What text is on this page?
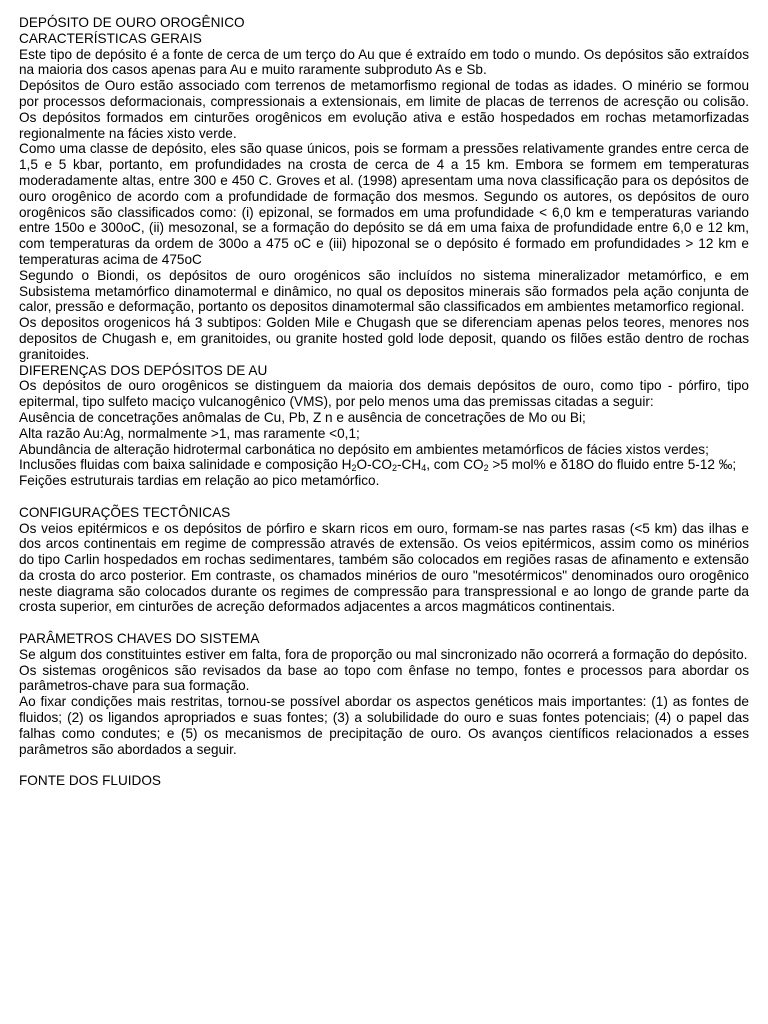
DEPÓSITO DE OURO OROGÊNICO

CARACTERÍSTICAS GERAIS

Este tipo de depósito é a fonte de cerca de um terço do Au que é extraído em todo o mundo. Os depósitos são extraídos na maioria dos casos apenas para Au e muito raramente subproduto As e Sb.

Depósitos de Ouro estão associado com terrenos de metamorfismo regional de todas as idades. O minério se formou por processos deformacionais, compressionais a extensionais, em limite de placas de terrenos de acresção ou colisão. Os depósitos formados em cinturões orogênicos em evolução ativa e estão hospedados em rochas metamorfizadas regionalmente na fácies xisto verde.

Como uma classe de depósito, eles são quase únicos, pois se formam a pressões relativamente grandes entre cerca de 1,5 e 5 kbar, portanto, em profundidades na crosta de cerca de 4 a 15 km. Embora se formem em temperaturas moderadamente altas, entre 300 e 450 C. Groves et al. (1998) apresentam uma nova classificação para os depósitos de ouro orogênico de acordo com a profundidade de formação dos mesmos. Segundo os autores, os depósitos de ouro orogênicos são classificados como: (i) epizonal, se formados em uma profundidade < 6,0 km e temperaturas variando entre 150o e 300oC, (ii) mesozonal, se a formação do depósito se dá em uma faixa de profundidade entre 6,0 e 12 km, com temperaturas da ordem de 300o a 475 oC e (iii) hipozonal se o depósito é formado em profundidades > 12 km e temperaturas acima de 475oC

Segundo o Biondi, os depósitos de ouro orogénicos são incluídos no sistema mineralizador metamórfico, e em Subsistema metamórfico dinamotermal e dinâmico, no qual os depositos minerais são formados pela ação conjunta de calor, pressão e deformação, portanto os depositos dinamotermal são classificados em ambientes metamorfico regional.

Os depositos orogenicos há 3 subtipos: Golden Mile e Chugash que se diferenciam apenas pelos teores, menores nos depositos de Chugash e, em granitoides, ou granite hosted gold lode deposit, quando os filões estão dentro de rochas granitoides.

DIFERENÇAS DOS DEPÓSITOS DE AU

Os depósitos de ouro orogênicos se distinguem da maioria dos demais depósitos de ouro, como tipo - pórfiro, tipo epitermal, tipo sulfeto maciço vulcanogênico (VMS), por pelo menos uma das premissas citadas a seguir:

Ausência de concetrações anômalas de Cu, Pb, Z n e ausência de concetrações de Mo ou Bi;

Alta razão Au:Ag, normalmente >1, mas raramente <0,1;

Abundância de alteração hidrotermal carbonática no depósito em ambientes metamórficos de fácies xistos verdes;

Inclusões fluidas com baixa salinidade e composição $H_2O-CO_2-CH_4$, com $CO_2 >5$ mol% e δ18O do fluido entre 5-12 ‰;

Feições estruturais tardias em relação ao pico metamórfico.

CONFIGURAÇÕES TECTÔNICAS

Os veios epitérmicos e os depósitos de pórfiro e skarn ricos em ouro, formam-se nas partes rasas (<5 km) das ilhas e dos arcos continentais em regime de compressão através de extensão. Os veios epitérmicos, assim como os minérios do tipo Carlin hospedados em rochas sedimentares, também são colocados em regiões rasas de afinamento e extensão da crosta do arco posterior. Em contraste, os chamados minérios de ouro "mesotérmicos" denominados ouro orogênico neste diagrama são colocados durante os regimes de compressão para transpressional e ao longo de grande parte da crosta superior, em cinturões de acreção deformados adjacentes a arcos magmáticos continentais.

PARÂMETROS CHAVES DO SISTEMA

Se algum dos constituintes estiver em falta, fora de proporção ou mal sincronizado não ocorrerá a formação do depósito.

Os sistemas orogênicos são revisados da base ao topo com ênfase no tempo, fontes e processos para abordar os parâmetros-chave para sua formação.

Ao fixar condições mais restritas, tornou-se possível abordar os aspectos genéticos mais importantes: (1) as fontes de fluidos; (2) os ligandos apropriados e suas fontes; (3) a solubilidade do ouro e suas fontes potenciais; (4) o papel das falhas como condutes; e (5) os mecanismos de precipitação de ouro. Os avanços científicos relacionados a esses parâmetros são abordados a seguir.

FONTE DOS FLUIDOS
